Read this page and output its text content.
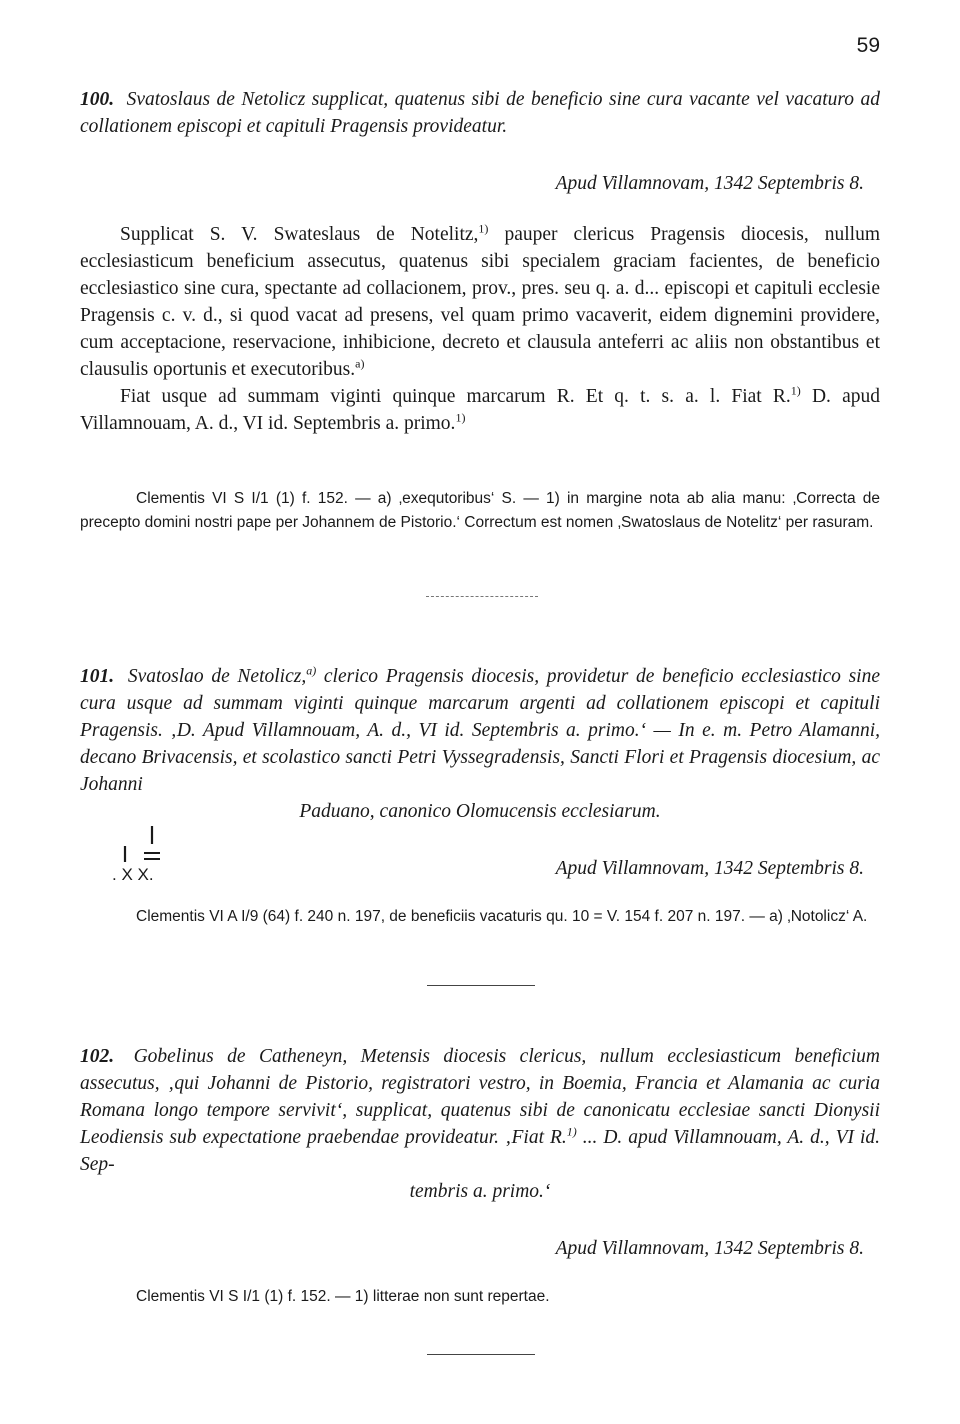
59
100. Svatoslaus de Netolicz supplicat, quatenus sibi de beneficio sine cura vacante vel vacaturo ad collationem episcopi et capituli Pragensis provideatur.
Apud Villamnovam, 1342 Septembris 8.

Supplicat S. V. Swateslaus de Notelitz,$^{1)}$ pauper clericus Pragensis diocesis, nullum ecclesiasticum beneficium assecutus, quatenus sibi specialem graciam facientes, de beneficio ecclesiastico sine cura, spectante ad collacionem, prov., pres. seu q. a. d... episcopi et capituli ecclesie Pragensis c. v. d., si quod vacat ad presens, vel quam primo vacaverit, eidem dignemini providere, cum acceptacione, reservacione, inhibicione, decreto et clausula anteferri ac aliis non obstantibus et clausulis oportunis et executoribus.$^{a)}$

Fiat usque ad summam viginti quinque marcarum R. Et q. t. s. a. l. Fiat R.$^{1)}$ D. apud Villamnouam, A. d., VI id. Septembris a. primo.$^{1)}$

Clementis VI S I/1 (1) f. 152. — a) ‚exequtoribus‘ S. — 1) in margine nota ab alia manu: ‚Correcta de precepto domini nostri pape per Johannem de Pistorio.‘ Correctum est nomen ‚Swatoslaus de Notelitz‘ per rasuram.

101. Svatoslao de Netolicz,$^{a)}$ clerico Pragensis diocesis, providetur de beneficio ecclesiastico sine cura usque ad summam viginti quinque marcarum argenti ad collationem episcopi et capituli Pragensis. ‚D. Apud Villamnouam, A. d., VI id. Septembris a. primo.‘ — In e. m. Petro Alamanni, decano Brivacensis, et scolastico sancti Petri Vyssegradensis, Sancti Flori et Pragensis diocesium, ac Johanni
Paduano, canonico Olomucensis ecclesiarum.
. X X.	Apud Villamnovam, 1342 Septembris 8.

Clementis VI A I/9 (64) f. 240 n. 197, de beneficiis vacaturis qu. 10 = V. 154 f. 207 n. 197. — a) ‚Notolicz‘ A.

102. Gobelinus de Catheneyn, Metensis diocesis clericus, nullum ecclesiasticum beneficium assecutus, ‚qui Johanni de Pistorio, registratori vestro, in Boemia, Francia et Alamania ac curia Romana longo tempore servivit‘, supplicat, quatenus sibi de canonicatu ecclesiae sancti Dionysii Leodiensis sub expectatione praebendae provideatur. ‚Fiat R.$^{1)}$ ... D. apud Villamnouam, A. d., VI id. Sep-
tembris a. primo.‘
Apud Villamnovam, 1342 Septembris 8.

Clementis VI S I/1 (1) f. 152. — 1) litterae non sunt repertae.
